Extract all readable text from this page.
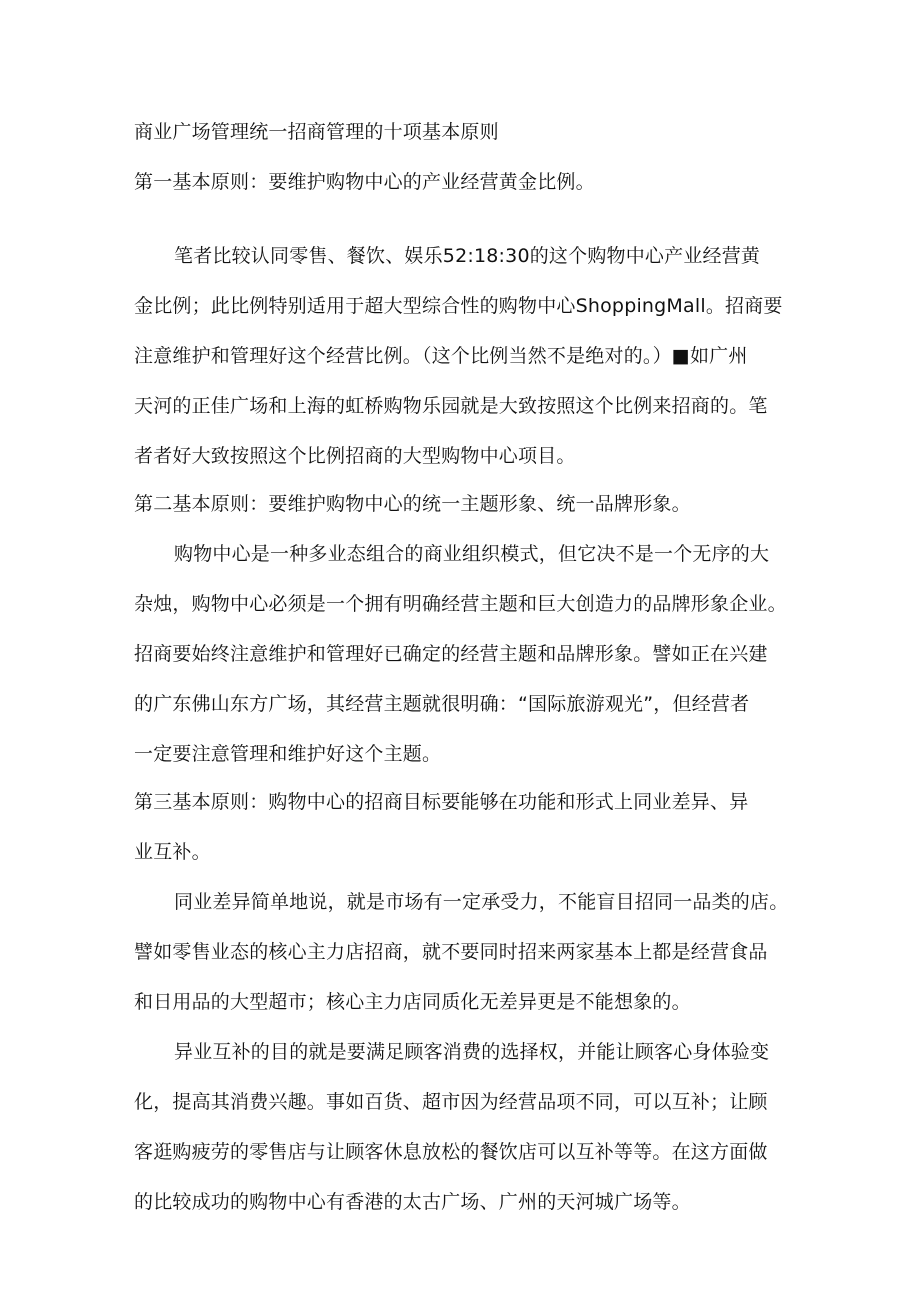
商业广场管理统一招商管理的十项基本原则
第一基本原则：要维护购物中心的产业经营黄金比例。
笔者比较认同零售、餐饮、娱乐52:18:30的这个购物中心产业经营黄
金比例；此比例特别适用于超大型综合性的购物中心ShoppingMall。招商要
注意维护和管理好这个经营比例。（这个比例当然不是绝对的。）■如广州
天河的正佳广场和上海的虹桥购物乐园就是大致按照这个比例来招商的。笔
者者好大致按照这个比例招商的大型购物中心项目。
第二基本原则：要维护购物中心的统一主题形象、统一品牌形象。
购物中心是一种多业态组合的商业组织模式，但它决不是一个无序的大
杂烛，购物中心必须是一个拥有明确经营主题和巨大创造力的品牌形象企业。
招商要始终注意维护和管理好已确定的经营主题和品牌形象。譬如正在兴建
的广东佛山东方广场，其经营主题就很明确：“国际旅游观光”，但经营者
一定要注意管理和维护好这个主题。
第三基本原则：购物中心的招商目标要能够在功能和形式上同业差异、异
业互补。
同业差异简单地说，就是市场有一定承受力，不能盲目招同一品类的店。
譬如零售业态的核心主力店招商，就不要同时招来两家基本上都是经营食品
和日用品的大型超市；核心主力店同质化无差异更是不能想象的。
异业互补的目的就是要满足顾客消费的选择权，并能让顾客心身体验变
化，提高其消费兴趣。事如百货、超市因为经营品项不同，可以互补；让顾
客逛购疲劳的零售店与让顾客休息放松的餐饮店可以互补等等。在这方面做
的比较成功的购物中心有香港的太古广场、广州的天河城广场等。
